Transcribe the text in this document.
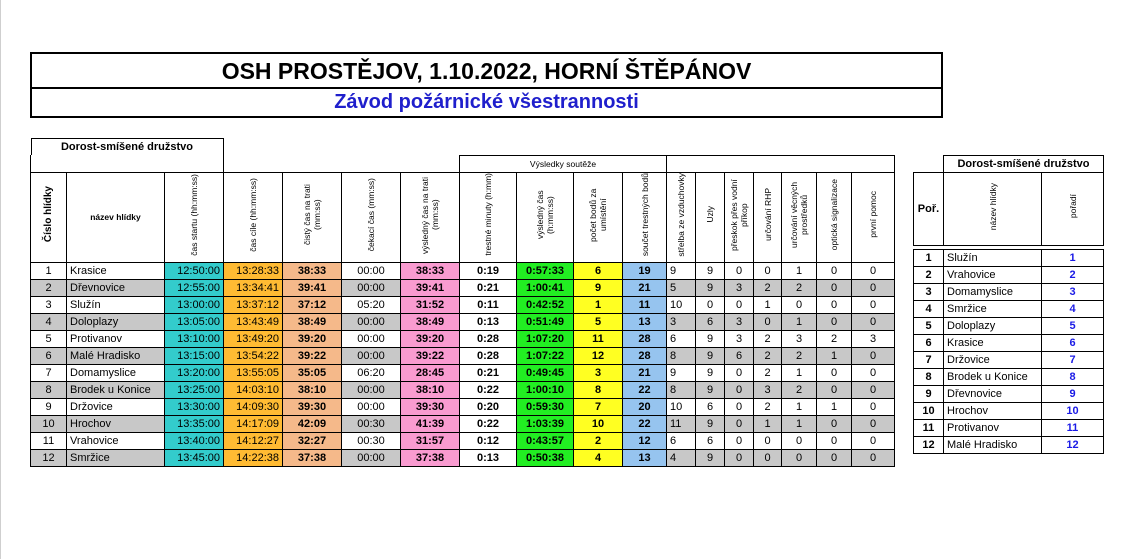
OSH PROSTĚJOV, 1.10.2022, HORNÍ ŠTĚPÁNOV
Závod požárnické všestrannosti
Dorost-smíšené družstvo																	

							Výsledky soutěže										
Číslo hlídky	název hlídky	čas startu (hh:mm:ss)	čas cíle (hh:mm:ss)	čistý čas na trati (mm:ss)	čekací čas (mm:ss)	výsledný čas na trati (mm:ss)	trestné minuty (h:mm)	výsledný čas (h:mm:ss)	počet bodů za umístění	součet trestných bodů	střelba ze vzduchovky	Uzly	přeskok přes vodní příkop	určování RHP	určování věcných prostředků	optická signalizace	první pomoc
1	Krasice	12:50:00	13:28:33	38:33	00:00	38:33	0:19	0:57:33	6	19	9	9	0	0	1	0	0
2	Dřevnovice	12:55:00	13:34:41	39:41	00:00	39:41	0:21	1:00:41	9	21	5	9	3	2	2	0	0
3	Služín	13:00:00	13:37:12	37:12	05:20	31:52	0:11	0:42:52	1	11	10	0	0	1	0	0	0
4	Doloplazy	13:05:00	13:43:49	38:49	00:00	38:49	0:13	0:51:49	5	13	3	6	3	0	1	0	0
5	Protivanov	13:10:00	13:49:20	39:20	00:00	39:20	0:28	1:07:20	11	28	6	9	3	2	3	2	3
6	Malé Hradisko	13:15:00	13:54:22	39:22	00:00	39:22	0:28	1:07:22	12	28	8	9	6	2	2	1	0
7	Domamyslice	13:20:00	13:55:05	35:05	06:20	28:45	0:21	0:49:45	3	21	9	9	0	2	1	0	0
8	Brodek u Konice	13:25:00	14:03:10	38:10	00:00	38:10	0:22	1:00:10	8	22	8	9	0	3	2	0	0
9	Držovice	13:30:00	14:09:30	39:30	00:00	39:30	0:20	0:59:30	7	20	10	6	0	2	1	1	0
10	Hrochov	13:35:00	14:17:09	42:09	00:30	41:39	0:22	1:03:39	10	22	11	9	0	1	1	0	0
11	Vrahovice	13:40:00	14:12:27	32:27	00:30	31:57	0:12	0:43:57	2	12	6	6	0	0	0	0	0
12	Smržice	13:45:00	14:22:38	37:38	00:00	37:38	0:13	0:50:38	4	13	4	9	0	0	0	0	0
	Dorost-smíšené družstvo	
Poř.	název hlídky	pořadí

1	Služín	1
2	Vrahovice	2
3	Domamyslice	3
4	Smržice	4
5	Doloplazy	5
6	Krasice	6
7	Držovice	7
8	Brodek u Konice	8
9	Dřevnovice	9
10	Hrochov	10
11	Protivanov	11
12	Malé Hradisko	12
